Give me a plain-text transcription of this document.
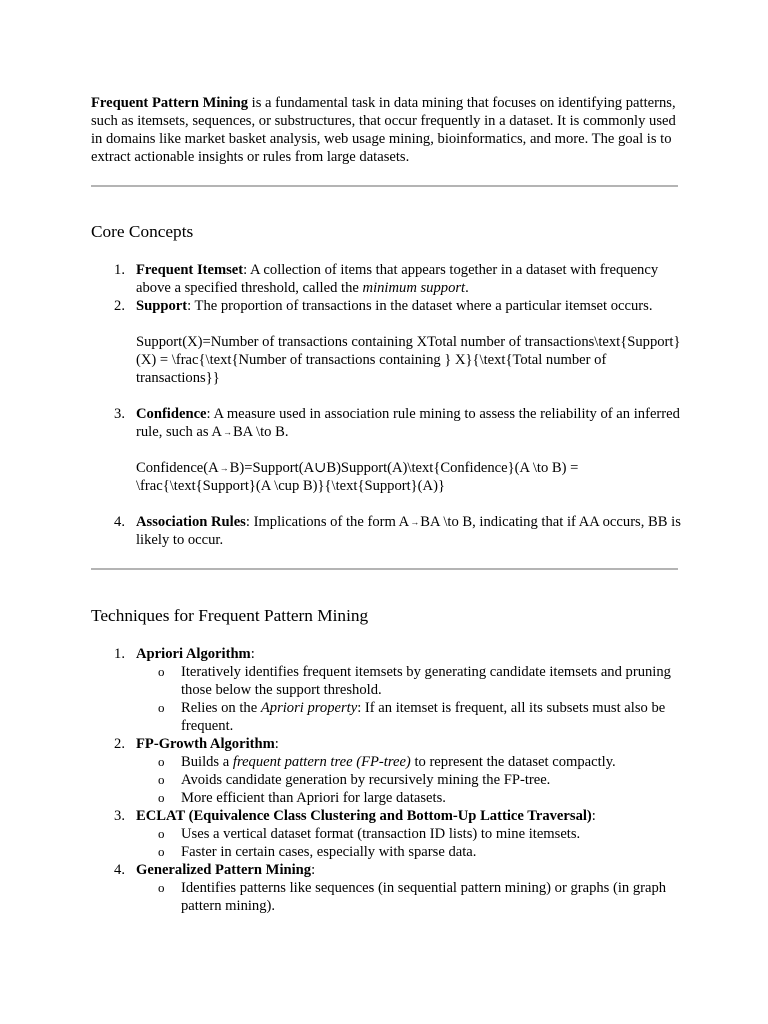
Frequent Pattern Mining is a fundamental task in data mining that focuses on identifying patterns, such as itemsets, sequences, or substructures, that occur frequently in a dataset. It is commonly used in domains like market basket analysis, web usage mining, bioinformatics, and more. The goal is to extract actionable insights or rules from large datasets.

Core Concepts
1. Frequent Itemset: A collection of items that appears together in a dataset with frequency above a specified threshold, called the minimum support.
2. Support: The proportion of transactions in the dataset where a particular itemset occurs.

Support(X)=Number of transactions containing XTotal number of transactions\text{Support}(X) = \frac{\text{Number of transactions containing } X}{\text{Total number of transactions}}

3. Confidence: A measure used in association rule mining to assess the reliability of an inferred rule, such as A→BA \to B.

Confidence(A→B)=Support(A∪B)Support(A)\text{Confidence}(A \to B) = \frac{\text{Support}(A \cup B)}{\text{Support}(A)}

4. Association Rules: Implications of the form A→BA \to B, indicating that if AA occurs, BB is likely to occur.
Techniques for Frequent Pattern Mining
1. Apriori Algorithm:
o Iteratively identifies frequent itemsets by generating candidate itemsets and pruning those below the support threshold.
o Relies on the Apriori property: If an itemset is frequent, all its subsets must also be frequent.
2. FP-Growth Algorithm:
o Builds a frequent pattern tree (FP-tree) to represent the dataset compactly.
o Avoids candidate generation by recursively mining the FP-tree.
o More efficient than Apriori for large datasets.
3. ECLAT (Equivalence Class Clustering and Bottom-Up Lattice Traversal):
o Uses a vertical dataset format (transaction ID lists) to mine itemsets.
o Faster in certain cases, especially with sparse data.
4. Generalized Pattern Mining:
o Identifies patterns like sequences (in sequential pattern mining) or graphs (in graph pattern mining).
